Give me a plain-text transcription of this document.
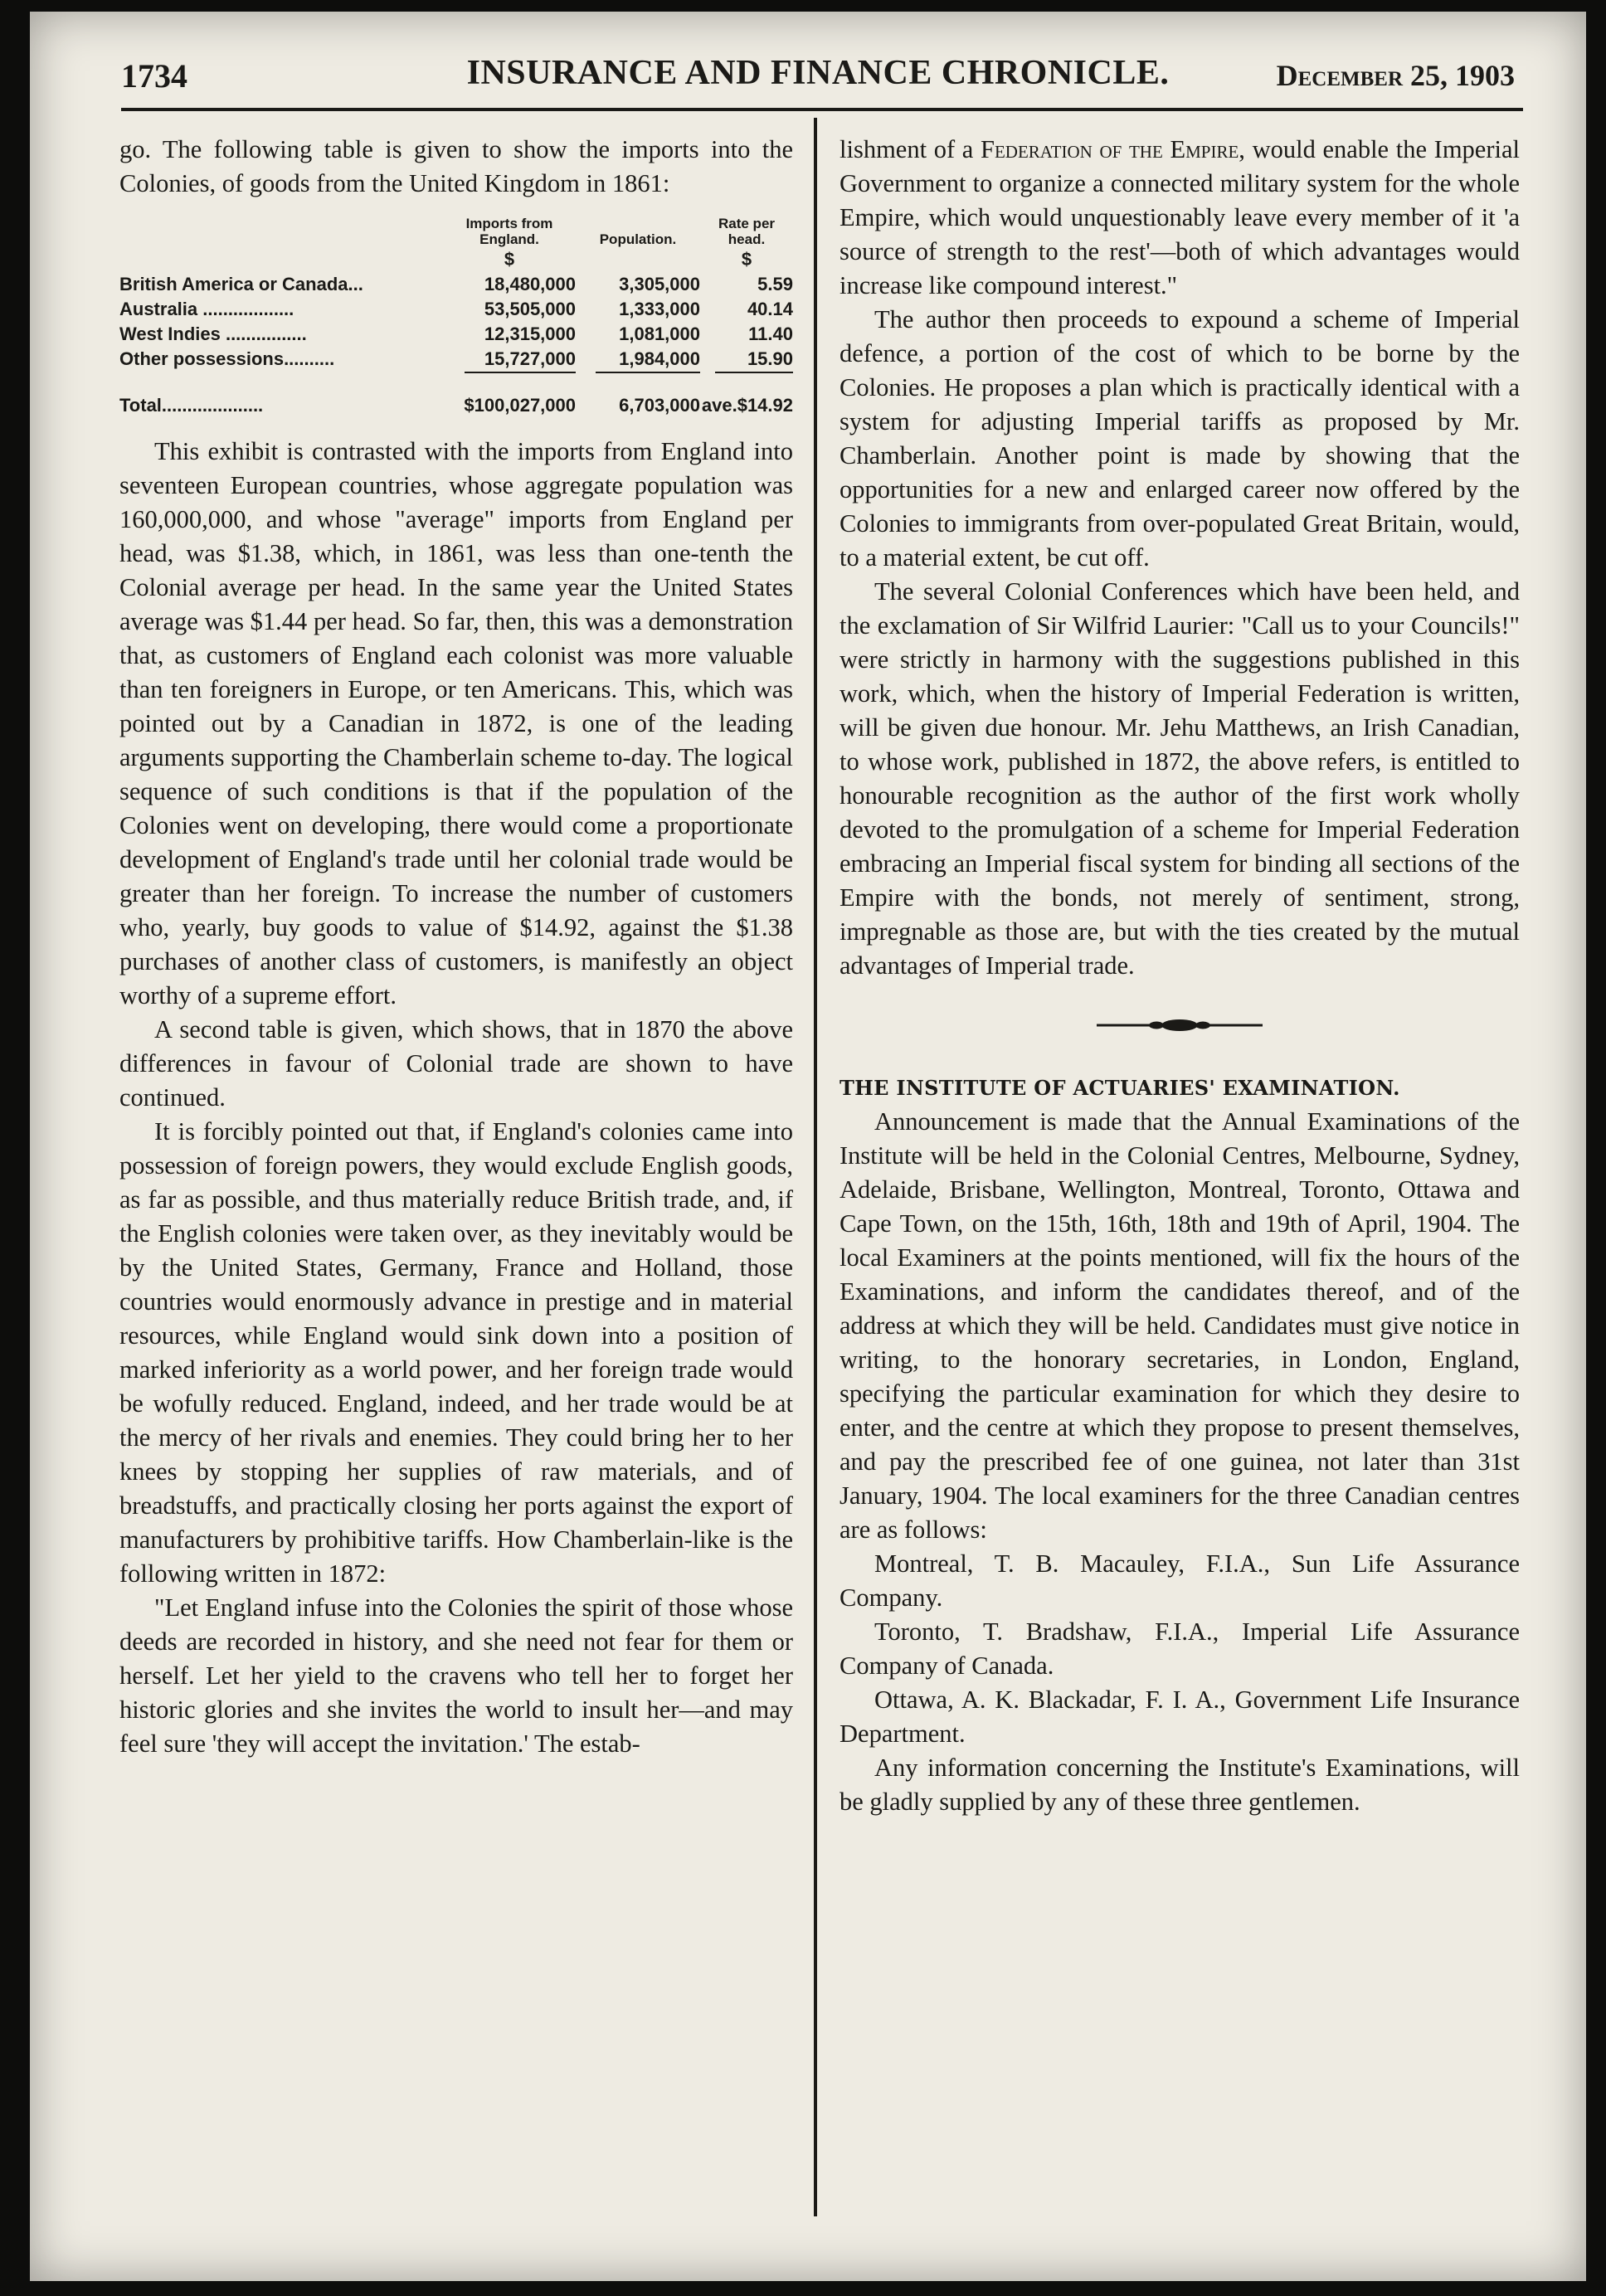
1734	INSURANCE AND FINANCE CHRONICLE.	December 25, 1903

go. The following table is given to show the imports into the Colonies, of goods from the United Kingdom in 1861:

	Imports from England.	Population.	Rate per head.
	$		$
British America or Canada...	18,480,000	3,305,000	5.59
Australia ..................	53,505,000	1,333,000	40.14
West Indies ................	12,315,000	1,081,000	11.40
Other possessions..........	15,727,000	1,984,000	15.90

Total....................	$100,027,000	6,703,000	ave.$14.92

This exhibit is contrasted with the imports from England into seventeen European countries, whose aggregate population was 160,000,000, and whose "average" imports from England per head, was $1.38, which, in 1861, was less than one-tenth the Colonial average per head. In the same year the United States average was $1.44 per head. So far, then, this was a demonstration that, as customers of England each colonist was more valuable than ten foreigners in Europe, or ten Americans. This, which was pointed out by a Canadian in 1872, is one of the leading arguments supporting the Chamberlain scheme to-day. The logical sequence of such conditions is that if the population of the Colonies went on developing, there would come a proportionate development of England's trade until her colonial trade would be greater than her foreign. To increase the number of customers who, yearly, buy goods to value of $14.92, against the $1.38 purchases of another class of customers, is manifestly an object worthy of a supreme effort.

A second table is given, which shows, that in 1870 the above differences in favour of Colonial trade are shown to have continued.

It is forcibly pointed out that, if England's colonies came into possession of foreign powers, they would exclude English goods, as far as possible, and thus materially reduce British trade, and, if the English colonies were taken over, as they inevitably would be by the United States, Germany, France and Holland, those countries would enormously advance in prestige and in material resources, while England would sink down into a position of marked inferiority as a world power, and her foreign trade would be wofully reduced. England, indeed, and her trade would be at the mercy of her rivals and enemies. They could bring her to her knees by stopping her supplies of raw materials, and of breadstuffs, and practically closing her ports against the export of manufacturers by prohibitive tariffs. How Chamberlain-like is the following written in 1872:

"Let England infuse into the Colonies the spirit of those whose deeds are recorded in history, and she need not fear for them or herself. Let her yield to the cravens who tell her to forget her historic glories and she invites the world to insult her—and may feel sure 'they will accept the invitation.' The estab-

lishment of a Federation of the Empire, would enable the Imperial Government to organize a connected military system for the whole Empire, which would unquestionably leave every member of it 'a source of strength to the rest'—both of which advantages would increase like compound interest."

The author then proceeds to expound a scheme of Imperial defence, a portion of the cost of which to be borne by the Colonies. He proposes a plan which is practically identical with a system for adjusting Imperial tariffs as proposed by Mr. Chamberlain. Another point is made by showing that the opportunities for a new and enlarged career now offered by the Colonies to immigrants from over-populated Great Britain, would, to a material extent, be cut off.

The several Colonial Conferences which have been held, and the exclamation of Sir Wilfrid Laurier: "Call us to your Councils!" were strictly in harmony with the suggestions published in this work, which, when the history of Imperial Federation is written, will be given due honour. Mr. Jehu Matthews, an Irish Canadian, to whose work, published in 1872, the above refers, is entitled to honourable recognition as the author of the first work wholly devoted to the promulgation of a scheme for Imperial Federation embracing an Imperial fiscal system for binding all sections of the Empire with the bonds, not merely of sentiment, strong, impregnable as those are, but with the ties created by the mutual advantages of Imperial trade.

THE INSTITUTE OF ACTUARIES' EXAMINATION.

Announcement is made that the Annual Examinations of the Institute will be held in the Colonial Centres, Melbourne, Sydney, Adelaide, Brisbane, Wellington, Montreal, Toronto, Ottawa and Cape Town, on the 15th, 16th, 18th and 19th of April, 1904. The local Examiners at the points mentioned, will fix the hours of the Examinations, and inform the candidates thereof, and of the address at which they will be held. Candidates must give notice in writing, to the honorary secretaries, in London, England, specifying the particular examination for which they desire to enter, and the centre at which they propose to present themselves, and pay the prescribed fee of one guinea, not later than 31st January, 1904. The local examiners for the three Canadian centres are as follows:

Montreal, T. B. Macauley, F.I.A., Sun Life Assurance Company.

Toronto, T. Bradshaw, F.I.A., Imperial Life Assurance Company of Canada.

Ottawa, A. K. Blackadar, F. I. A., Government Life Insurance Department.

Any information concerning the Institute's Examinations, will be gladly supplied by any of these three gentlemen.
